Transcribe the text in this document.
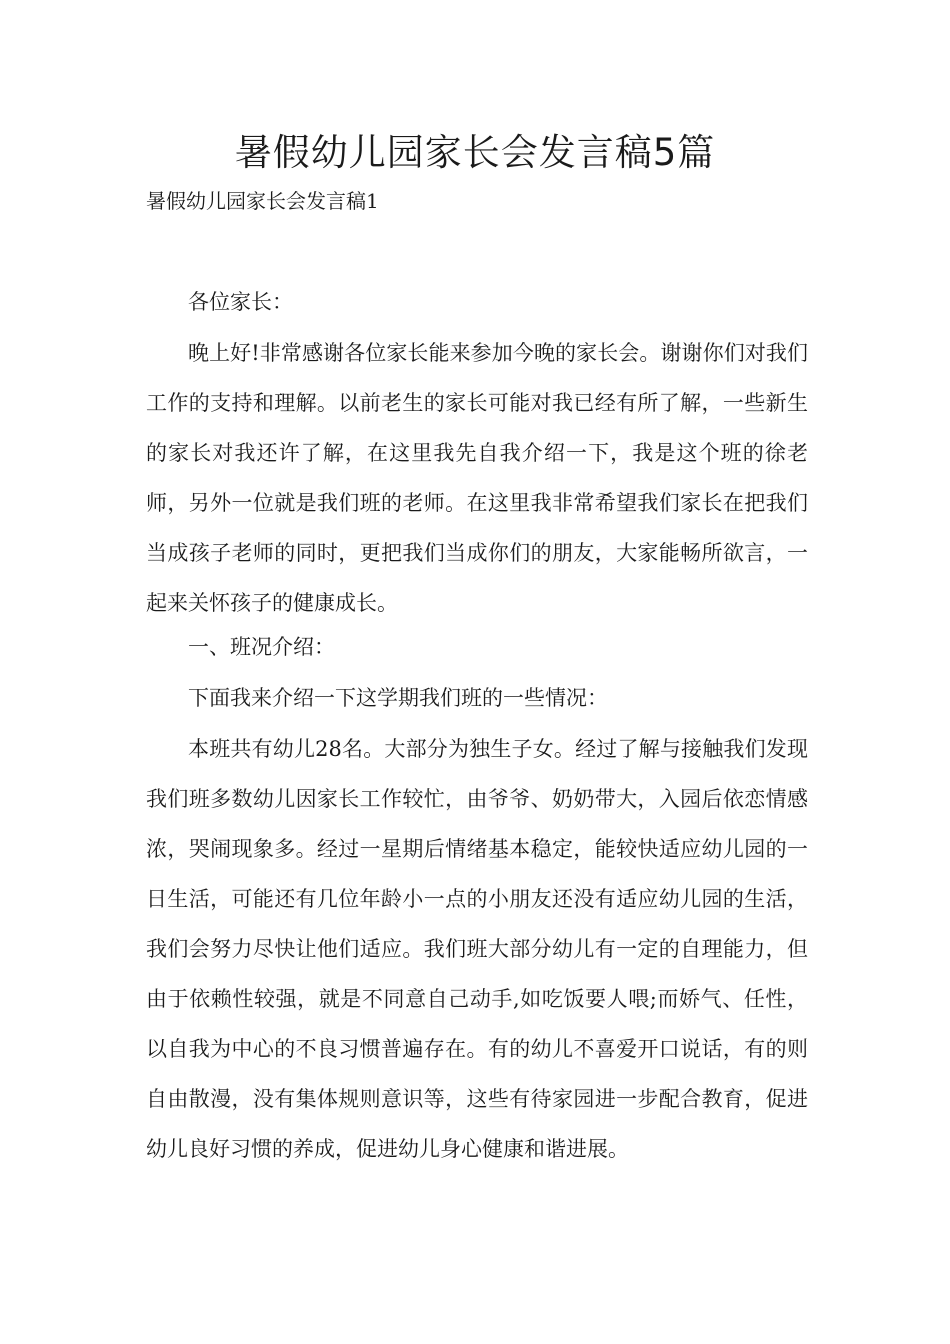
暑假幼儿园家长会发言稿5篇
暑假幼儿园家长会发言稿1

各位家长：

晚上好!非常感谢各位家长能来参加今晚的家长会。谢谢你们对我们工作的支持和理解。以前老生的家长可能对我已经有所了解，一些新生的家长对我还许了解，在这里我先自我介绍一下，我是这个班的徐老师，另外一位就是我们班的老师。在这里我非常希望我们家长在把我们当成孩子老师的同时，更把我们当成你们的朋友，大家能畅所欲言，一起来关怀孩子的健康成长。

一、班况介绍：

下面我来介绍一下这学期我们班的一些情况：

本班共有幼儿28名。大部分为独生子女。经过了解与接触我们发现我们班多数幼儿因家长工作较忙，由爷爷、奶奶带大，入园后依恋情感浓，哭闹现象多。经过一星期后情绪基本稳定，能较快适应幼儿园的一日生活，可能还有几位年龄小一点的小朋友还没有适应幼儿园的生活，我们会努力尽快让他们适应。我们班大部分幼儿有一定的自理能力，但由于依赖性较强，就是不同意自己动手,如吃饭要人喂;而娇气、任性，以自我为中心的不良习惯普遍存在。有的幼儿不喜爱开口说话，有的则自由散漫，没有集体规则意识等，这些有待家园进一步配合教育，促进幼儿良好习惯的养成，促进幼儿身心健康和谐进展。
